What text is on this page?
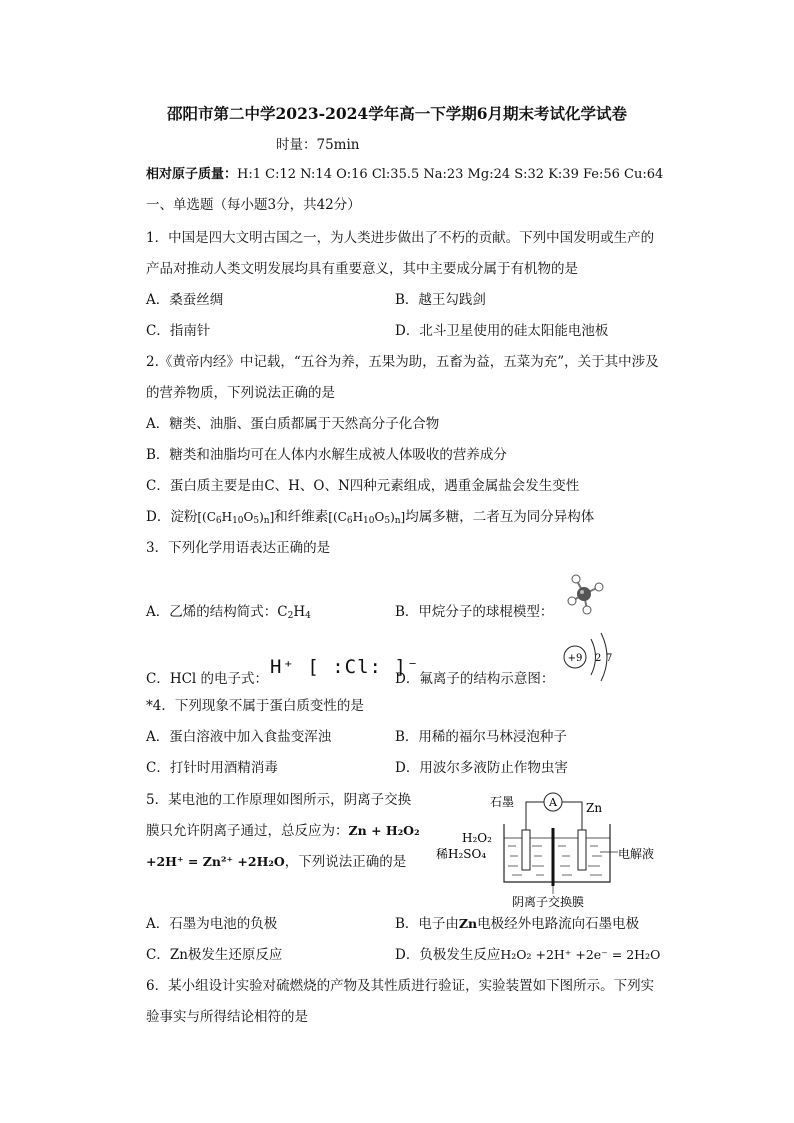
邵阳市第二中学2023-2024学年高一下学期6月期末考试化学试卷
时量：75min
相对原子质量：H:1 C:12 N:14 O:16 Cl:35.5 Na:23 Mg:24 S:32 K:39 Fe:56 Cu:64
一、单选题（每小题3分，共42分）
1．中国是四大文明古国之一，为人类进步做出了不朽的贡献。下列中国发明或生产的
产品对推动人类文明发展均具有重要意义，其中主要成分属于有机物的是
A．桑蚕丝绸	B．越王勾践剑
C．指南针	D．北斗卫星使用的硅太阳能电池板
2.《黄帝内经》中记载，“五谷为养，五果为助，五畜为益，五菜为充”，关于其中涉及
的营养物质，下列说法正确的是
A．糖类、油脂、蛋白质都属于天然高分子化合物
B．糖类和油脂均可在人体内水解生成被人体吸收的营养成分
C．蛋白质主要是由C、H、O、N四种元素组成，遇重金属盐会发生变性
D．淀粉$[(C_6H_{10}O_5)_n]$和纤维素$[(C_6H_{10}O_5)_n]$均属多糖，二者互为同分异构体
3．下列化学用语表达正确的是
A．乙烯的结构简式：$C_2H_4$	B．甲烷分子的球棍模型：
C．HCl 的电子式：
H⁺ [ :Cl: ]⁻
D．氟离子的结构示意图：
+9 2 7
*4．下列现象不属于蛋白质变性的是
A．蛋白溶液中加入食盐变浑浊	B．用稀的福尔马林浸泡种子
C．打针时用酒精消毒	D．用波尔多液防止作物虫害
5．某电池的工作原理如图所示，阴离子交换
膜只允许阴离子通过，总反应为：Zn + H₂O₂
+2H⁺ = Zn²⁺ +2H₂O，下列说法正确的是
A
石墨	Zn
H₂O₂
稀H₂SO₄	电解液
阴离子交换膜
A．石墨为电池的负极	B．电子由Zn电极经外电路流向石墨电极
C．Zn极发生还原反应	D．负极发生反应H₂O₂ +2H⁺ +2e⁻ = 2H₂O
6．某小组设计实验对硫燃烧的产物及其性质进行验证，实验装置如下图所示。下列实
验事实与所得结论相符的是
